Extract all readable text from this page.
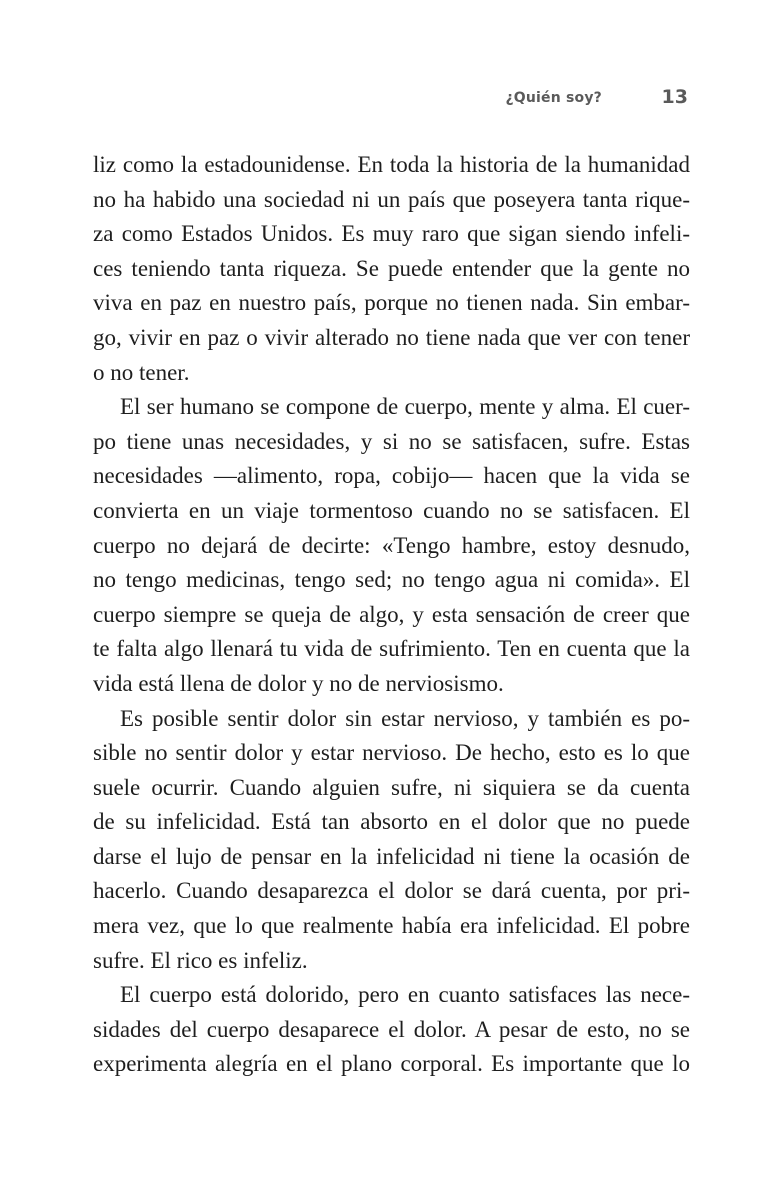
¿Quién soy?	13

liz como la estadounidense. En toda la historia de la humanidad
no ha habido una sociedad ni un país que poseyera tanta rique-
za como Estados Unidos. Es muy raro que sigan siendo infeli-
ces teniendo tanta riqueza. Se puede entender que la gente no
viva en paz en nuestro país, porque no tienen nada. Sin embar-
go, vivir en paz o vivir alterado no tiene nada que ver con tener
o no tener.

El ser humano se compone de cuerpo, mente y alma. El cuer-
po tiene unas necesidades, y si no se satisfacen, sufre. Estas
necesidades —alimento, ropa, cobijo— hacen que la vida se
convierta en un viaje tormentoso cuando no se satisfacen. El
cuerpo no dejará de decirte: «Tengo hambre, estoy desnudo,
no tengo medicinas, tengo sed; no tengo agua ni comida». El
cuerpo siempre se queja de algo, y esta sensación de creer que
te falta algo llenará tu vida de sufrimiento. Ten en cuenta que la
vida está llena de dolor y no de nerviosismo.

Es posible sentir dolor sin estar nervioso, y también es po-
sible no sentir dolor y estar nervioso. De hecho, esto es lo que
suele ocurrir. Cuando alguien sufre, ni siquiera se da cuenta
de su infelicidad. Está tan absorto en el dolor que no puede
darse el lujo de pensar en la infelicidad ni tiene la ocasión de
hacerlo. Cuando desaparezca el dolor se dará cuenta, por pri-
mera vez, que lo que realmente había era infelicidad. El pobre
sufre. El rico es infeliz.

El cuerpo está dolorido, pero en cuanto satisfaces las nece-
sidades del cuerpo desaparece el dolor. A pesar de esto, no se
experimenta alegría en el plano corporal. Es importante que lo
